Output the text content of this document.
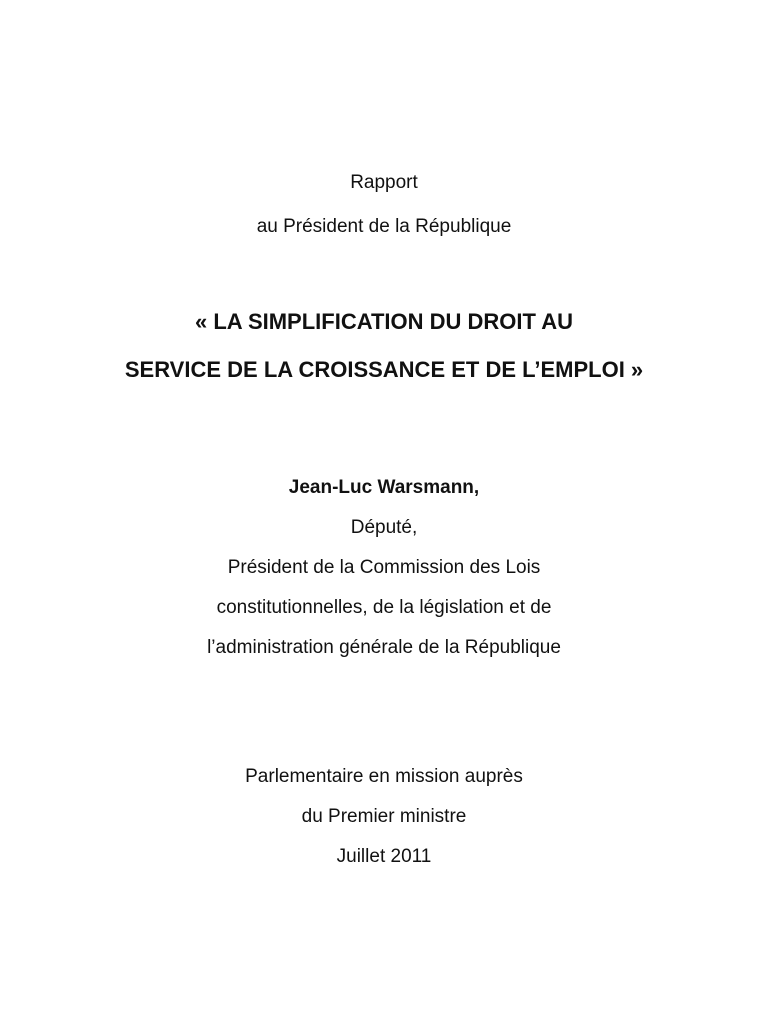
Rapport
au Président de la République
« LA SIMPLIFICATION DU DROIT AU
SERVICE DE LA CROISSANCE ET DE L’EMPLOI »
Jean-Luc Warsmann,
Député,
Président de la Commission des Lois
constitutionnelles, de la législation et de
l’administration générale de la République
Parlementaire en mission auprès
du Premier ministre
Juillet 2011
